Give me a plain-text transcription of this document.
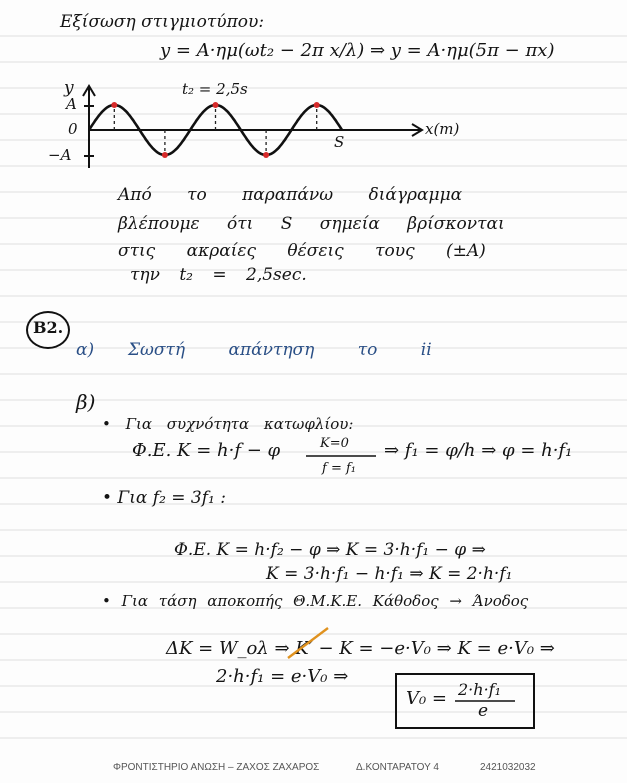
Εξίσωση στιγμιοτύπου:
y = A·ημ(ωt₂ − 2π x/λ) ⇒ y = A·ημ(5π − πx)
y	t₂ = 2,5s
A
0
−A
x(m)
S
Από το παραπάνω διάγραμμα
βλέπουμε ότι S σημεία βρίσκονται
στις ακραίες θέσεις τους (±A)
την t₂ = 2,5sec.
B2.
α) Σωστή απάντηση το ii
β)
• Για συχνότητα κατωφλίου:
Φ.Ε. K = h·f − φ	K=0
f = f₁
⇒ f₁ = φ/h ⇒ φ = h·f₁
• Για f₂ = 3f₁ :
Φ.Ε. K = h·f₂ − φ ⇒ K = 3·h·f₁ − φ ⇒
K = 3·h·f₁ − h·f₁ ⇒ K = 2·h·f₁
• Για τάση αποκοπής Θ.Μ.Κ.Ε. Κάθοδος → Άνοδος
ΔK = W_ολ ⇒ K′ − K = −e·V₀ ⇒ K = e·V₀ ⇒
2·h·f₁ = e·V₀ ⇒
V₀ = 2·h·f₁
e
ΦΡΟΝΤΙΣΤΗΡΙΟ ΑΝΩΣΗ – ΖΑΧΟΣ ΖΑΧΑΡΟΣ	Δ.ΚΟΝΤΑΡΑΤΟΥ 4	2421032032
